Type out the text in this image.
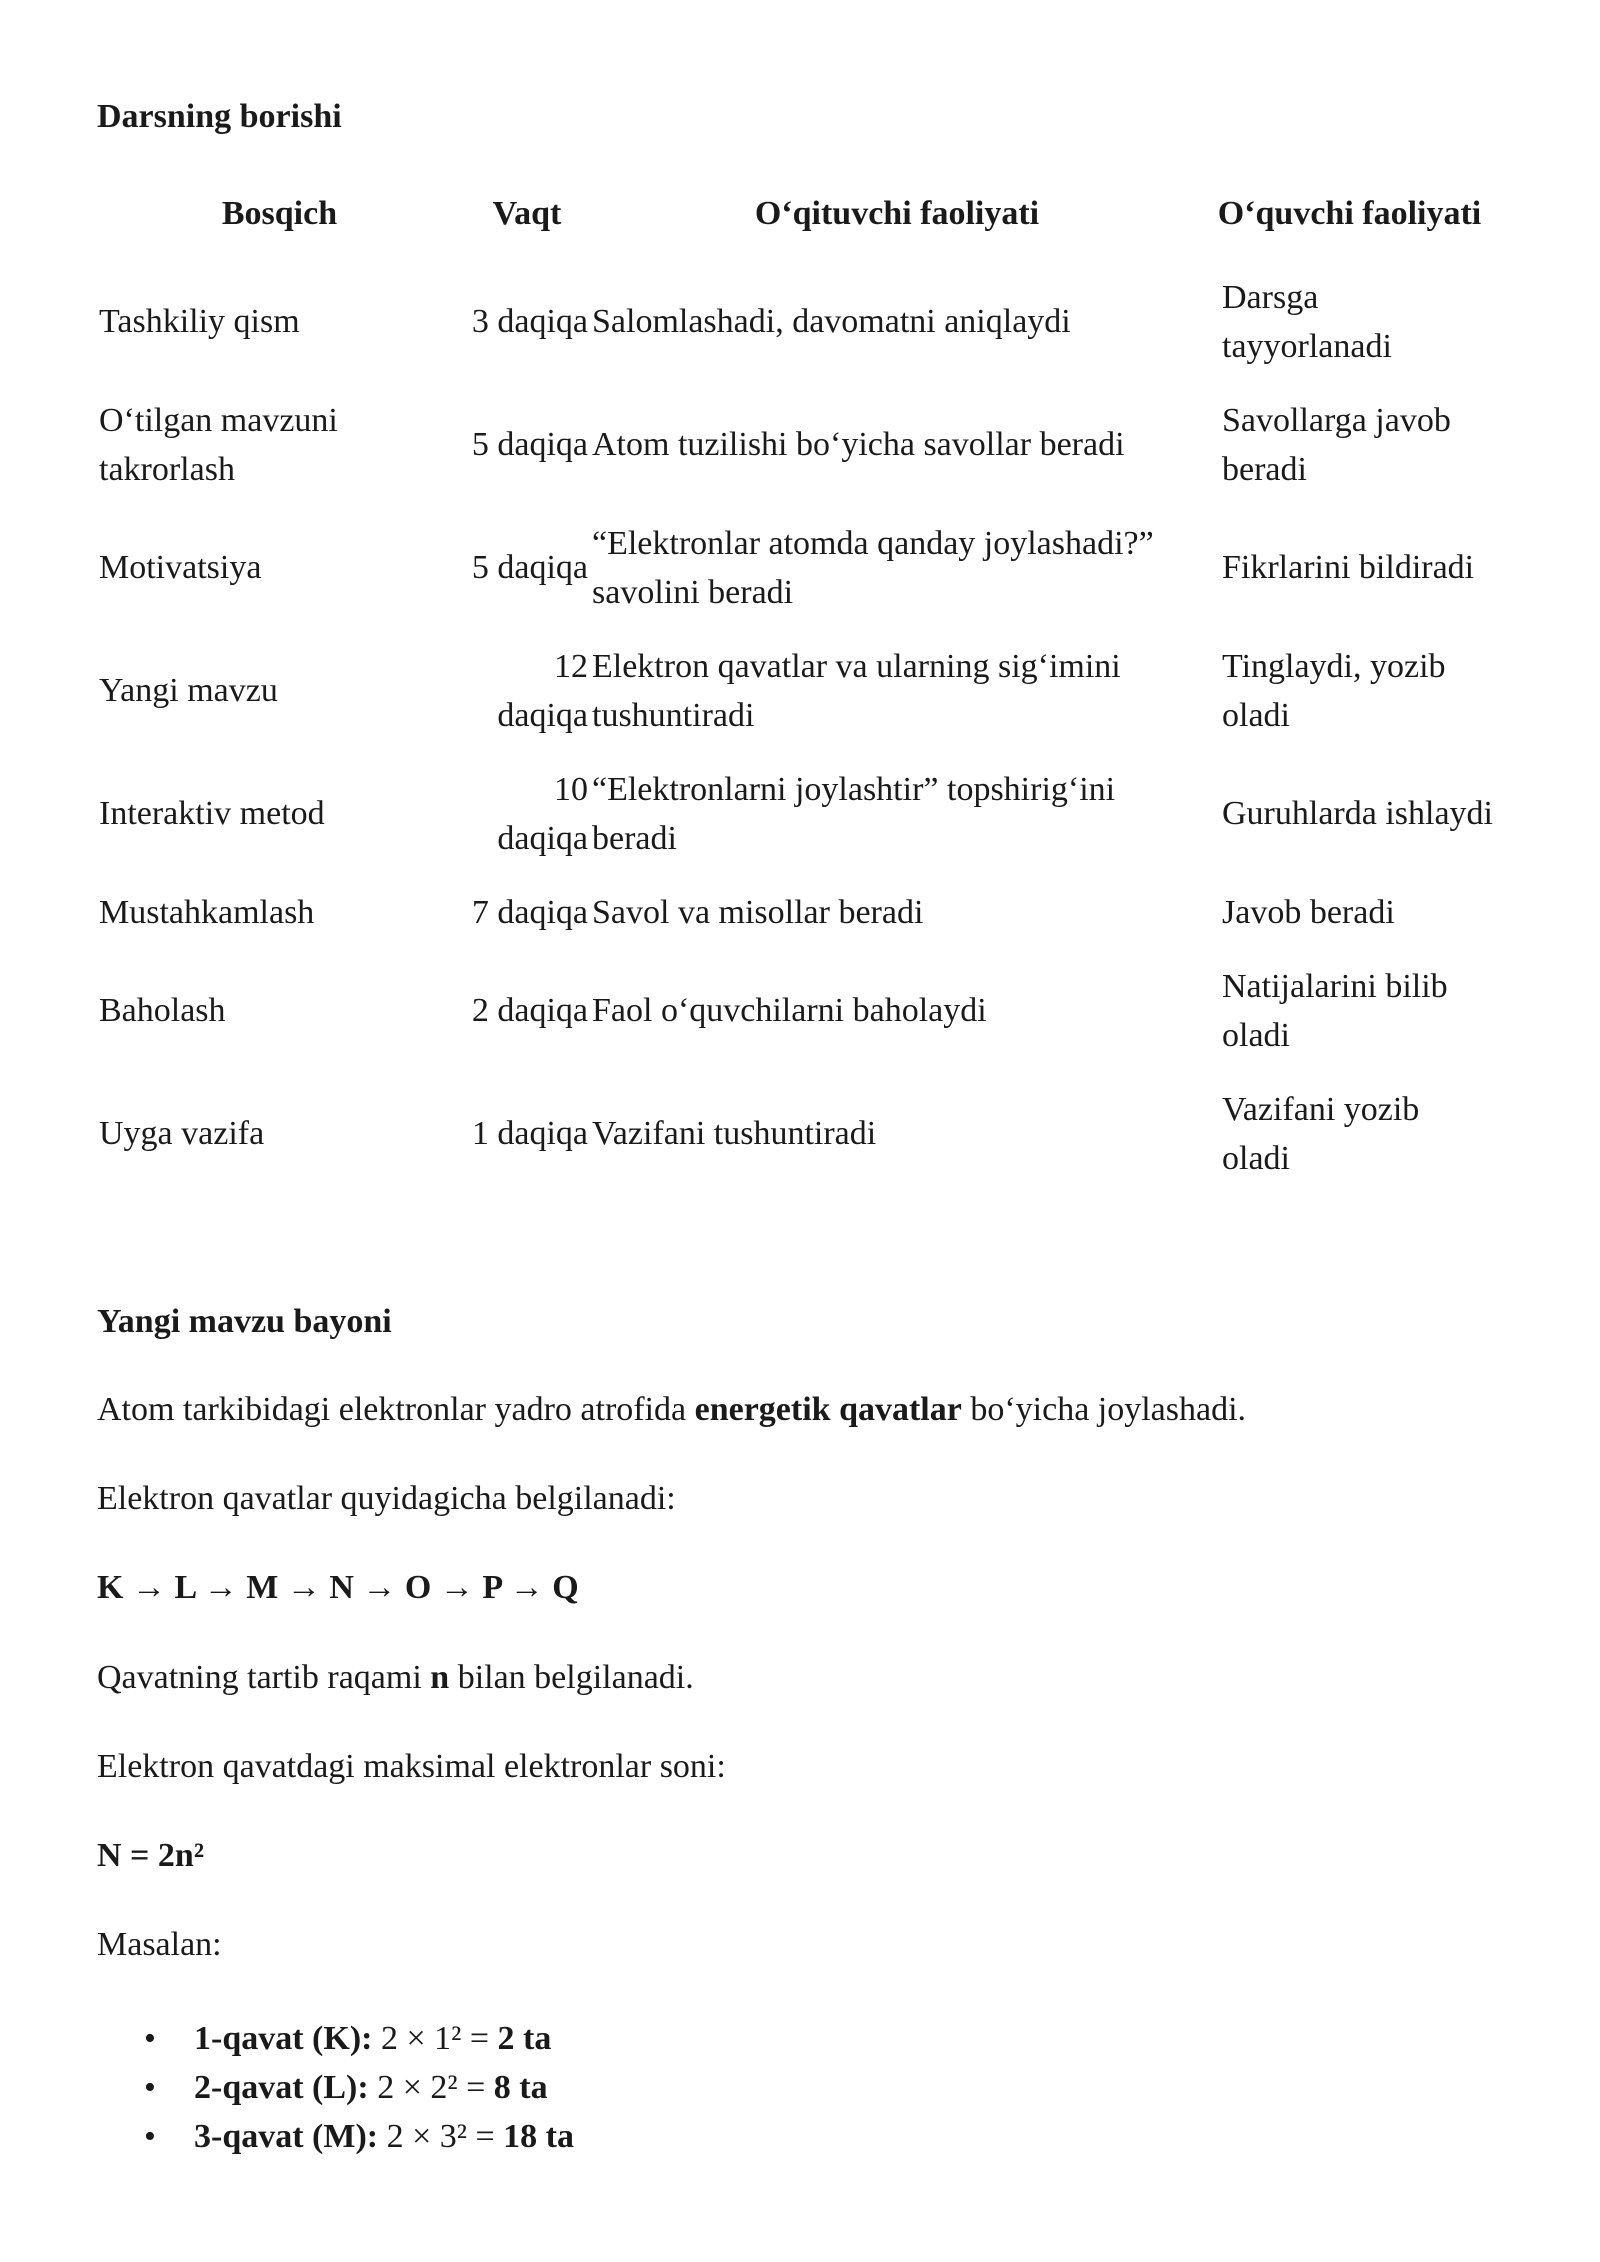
Darsning borishi
Bosqich	Vaqt	O‘qituvchi faoliyati	O‘quvchi faoliyati
Tashkiliy qism	3 daqiqa	Salomlashadi, davomatni aniqlaydi	Darsga tayyorlanadi
O‘tilgan mavzuni takrorlash	5 daqiqa	Atom tuzilishi bo‘yicha savollar beradi	Savollarga javob beradi
Motivatsiya	5 daqiqa	“Elektronlar atomda qanday joylashadi?” savolini beradi	Fikrlarini bildiradi
Yangi mavzu	12 daqiqa	Elektron qavatlar va ularning sig‘imini tushuntiradi	Tinglaydi, yozib oladi
Interaktiv metod	10 daqiqa	“Elektronlarni joylashtir” topshirig‘ini beradi	Guruhlarda ishlaydi
Mustahkamlash	7 daqiqa	Savol va misollar beradi	Javob beradi
Baholash	2 daqiqa	Faol o‘quvchilarni baholaydi	Natijalarini bilib oladi
Uyga vazifa	1 daqiqa	Vazifani tushuntiradi	Vazifani yozib oladi
Yangi mavzu bayoni

Atom tarkibidagi elektronlar yadro atrofida energetik qavatlar bo‘yicha joylashadi.

Elektron qavatlar quyidagicha belgilanadi:

K → L → M → N → O → P → Q

Qavatning tartib raqami n bilan belgilanadi.

Elektron qavatdagi maksimal elektronlar soni:

N = 2n²

Masalan:

• 1-qavat (K): 2 × 1² = 2 ta
• 2-qavat (L): 2 × 2² = 8 ta
• 3-qavat (M): 2 × 3² = 18 ta
